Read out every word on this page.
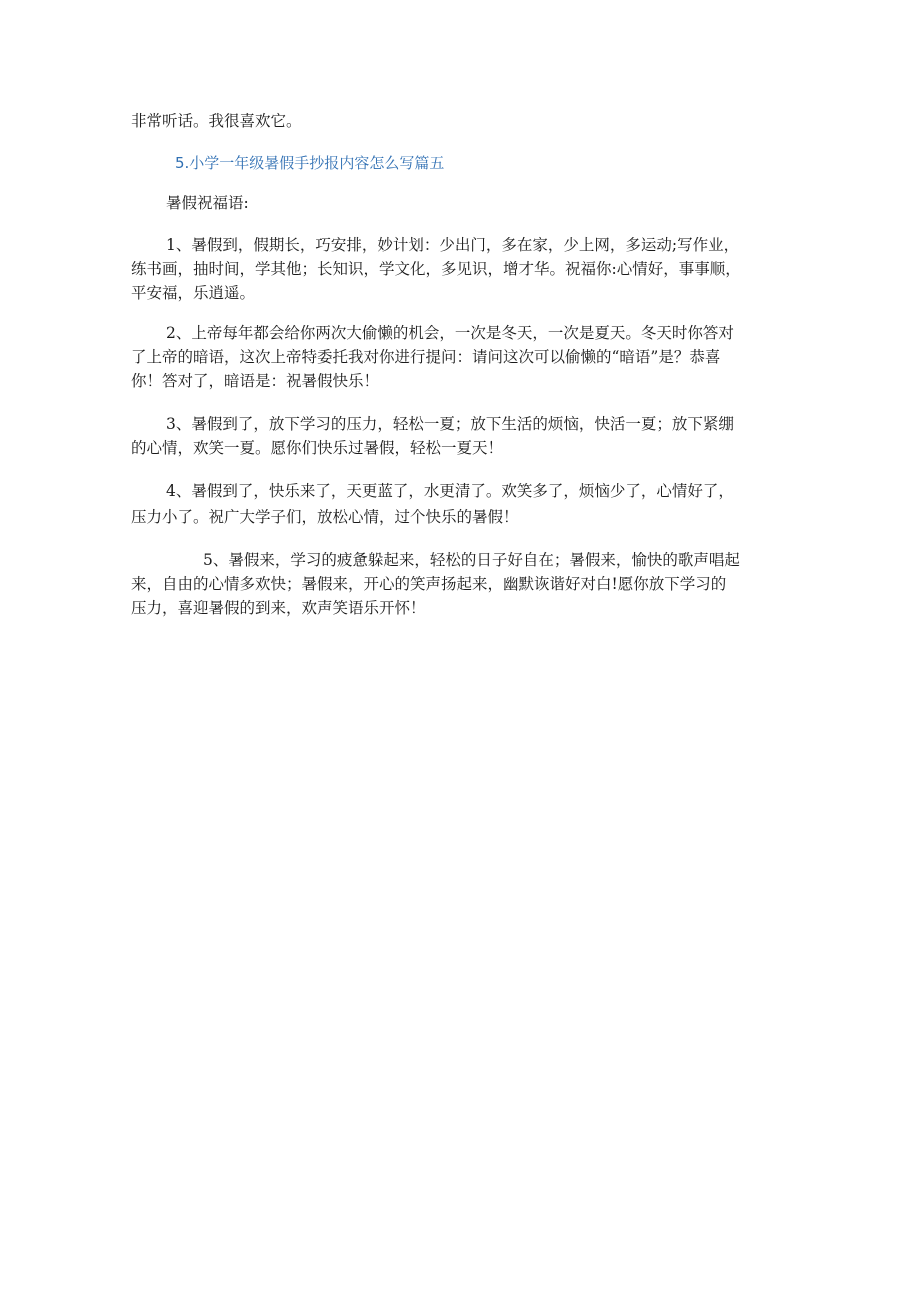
非常听话。我很喜欢它。

5.小学一年级暑假手抄报内容怎么写篇五

暑假祝福语:

1、暑假到，假期长，巧安排，妙计划：少出门，多在家，少上网，多运动;写作业，

练书画，抽时间，学其他；长知识，学文化，多见识，增才华。祝福你:心情好，事事顺，

平安福，乐逍遥。

2、上帝每年都会给你两次大偷懒的机会，一次是冬天，一次是夏天。冬天时你答对

了上帝的暗语，这次上帝特委托我对你进行提问：请问这次可以偷懒的“暗语”是？恭喜

你！答对了，暗语是：祝暑假快乐！

3、暑假到了，放下学习的压力，轻松一夏；放下生活的烦恼，快活一夏；放下紧绷

的心情，欢笑一夏。愿你们快乐过暑假，轻松一夏天！

4、暑假到了，快乐来了，天更蓝了，水更清了。欢笑多了，烦恼少了，心情好了，

压力小了。祝广大学子们，放松心情，过个快乐的暑假！

5、暑假来，学习的疲惫躲起来，轻松的日子好自在；暑假来，愉快的歌声唱起

来，自由的心情多欢快；暑假来，开心的笑声扬起来，幽默诙谐好对白!愿你放下学习的

压力，喜迎暑假的到来，欢声笑语乐开怀！
